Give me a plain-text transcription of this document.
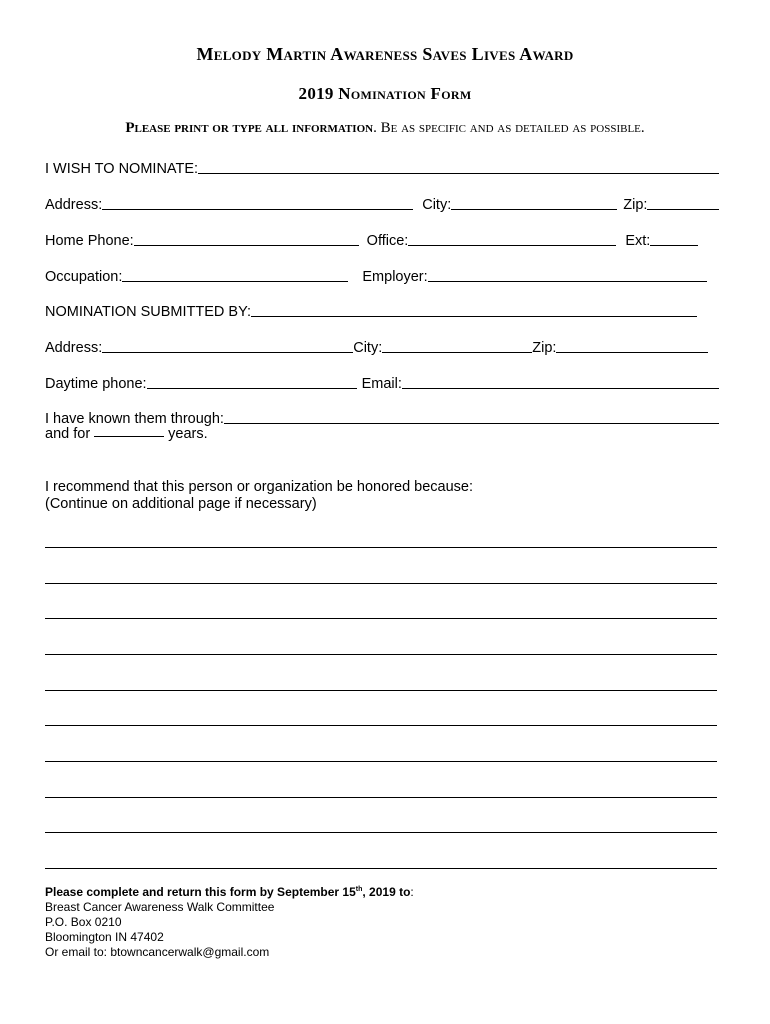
Melody Martin Awareness Saves Lives Award
2019 Nomination Form
Please print or type all information. Be as specific and as detailed as possible.
I WISH TO NOMINATE:
Address:	City:	Zip:
Home Phone:	Office:	Ext:
Occupation:	Employer:
NOMINATION SUBMITTED BY:
Address:	City:	Zip:
Daytime phone:	Email:
I have known them through:
and for	years.
I recommend that this person or organization be honored because:
(Continue on additional page if necessary)
Please complete and return this form by September 15th, 2019 to:
Breast Cancer Awareness Walk Committee
P.O. Box 0210
Bloomington IN 47402
Or email to: btowncancerwalk@gmail.com
